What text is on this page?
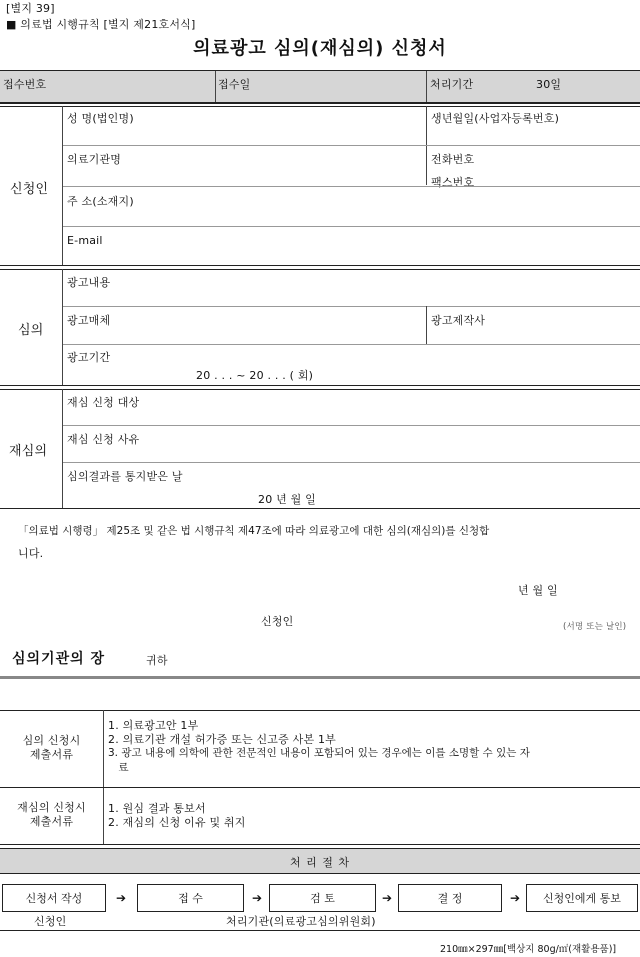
[별지 39]
■ 의료법 시행규칙 [별지 제21호서식]
의료광고 심의(재심의) 신청서
접수번호	접수일	처리기간	30일
신청인
성 명(법인명)	생년월일(사업자등록번호)
의료기관명	전화번호
팩스번호
주 소(소재지)
E-mail
심의
광고내용
광고매체	광고제작사
광고기간
20 . . . ~ 20 . . . ( 회)
재심의
재심 신청 대상
재심 신청 사유
심의결과를 통지받은 날
20 년 월 일
「의료법 시행령」 제25조 및 같은 법 시행규칙 제47조에 따라 의료광고에 대한 심의(재심의)를 신청합
니다.
년 월 일
신청인	(서명 또는 날인)
심의기관의 장	귀하
심의 신청시
제출서류
1. 의료광고안 1부
2. 의료기관 개설 허가증 또는 신고증 사본 1부
3. 광고 내용에 의학에 관한 전문적인 내용이 포함되어 있는 경우에는 이를 소명할 수 있는 자
료
재심의 신청시
제출서류
1. 원심 결과 통보서
2. 재심의 신청 이유 및 취지
처 리 절 차
신청서 작성	➔	접 수	➔	검 토	➔	결 정	➔	신청인에게 통보
신청인	처리기관(의료광고심의위원회)
210㎜×297㎜[백상지 80g/㎡(재활용품)]
